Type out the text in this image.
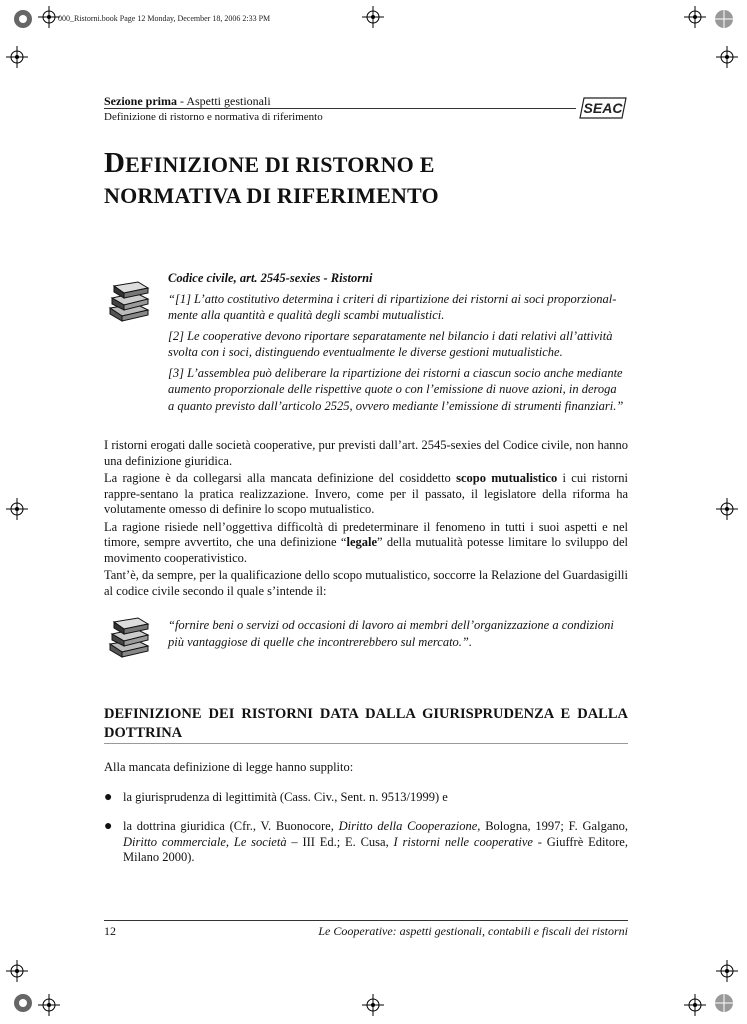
000_Ristorni.book Page 12 Monday, December 18, 2006 2:33 PM
Sezione prima - Aspetti gestionali
Definizione di ristorno e normativa di riferimento
SEAC
DEFINIZIONE DI RISTORNO E
NORMATIVA DI RIFERIMENTO

Codice civile, art. 2545-sexies - Ristorni

“[1] L’atto costitutivo determina i criteri di ripartizione dei ristorni ai soci proporzional-mente alla quantità e qualità degli scambi mutualistici.

[2] Le cooperative devono riportare separatamente nel bilancio i dati relativi all’attività svolta con i soci, distinguendo eventualmente le diverse gestioni mutualistiche.

[3] L’assemblea può deliberare la ripartizione dei ristorni a ciascun socio anche mediante aumento proporzionale delle rispettive quote o con l’emissione di nuove azioni, in deroga a quanto previsto dall’articolo 2525, ovvero mediante l’emissione di strumenti finanziari.”

I ristorni erogati dalle società cooperative, pur previsti dall’art. 2545-sexies del Codice civile, non hanno una definizione giuridica.

La ragione è da collegarsi alla mancata definizione del cosiddetto scopo mutualistico i cui ristorni rappre-sentano la pratica realizzazione. Invero, come per il passato, il legislatore della riforma ha volutamente omesso di definire lo scopo mutualistico.

La ragione risiede nell’oggettiva difficoltà di predeterminare il fenomeno in tutti i suoi aspetti e nel timore, sempre avvertito, che una definizione “legale” della mutualità potesse limitare lo sviluppo del movimento cooperativistico.

Tant’è, da sempre, per la qualificazione dello scopo mutualistico, soccorre la Relazione del Guardasigilli al codice civile secondo il quale s’intende il:

“fornire beni o servizi od occasioni di lavoro ai membri dell’organizzazione a condizioni più vantaggiose di quelle che incontrerebbero sul mercato.”.
DEFINIZIONE DEI RISTORNI DATA DALLA GIURISPRUDENZA E DALLA DOTTRINA
Alla mancata definizione di legge hanno supplito:
● la giurisprudenza di legittimità (Cass. Civ., Sent. n. 9513/1999) e
● la dottrina giuridica (Cfr., V. Buonocore, Diritto della Cooperazione, Bologna, 1997; F. Galgano, Diritto commerciale, Le società – III Ed.; E. Cusa, I ristorni nelle cooperative - Giuffrè Editore, Milano 2000).
12	Le Cooperative: aspetti gestionali, contabili e fiscali dei ristorni
